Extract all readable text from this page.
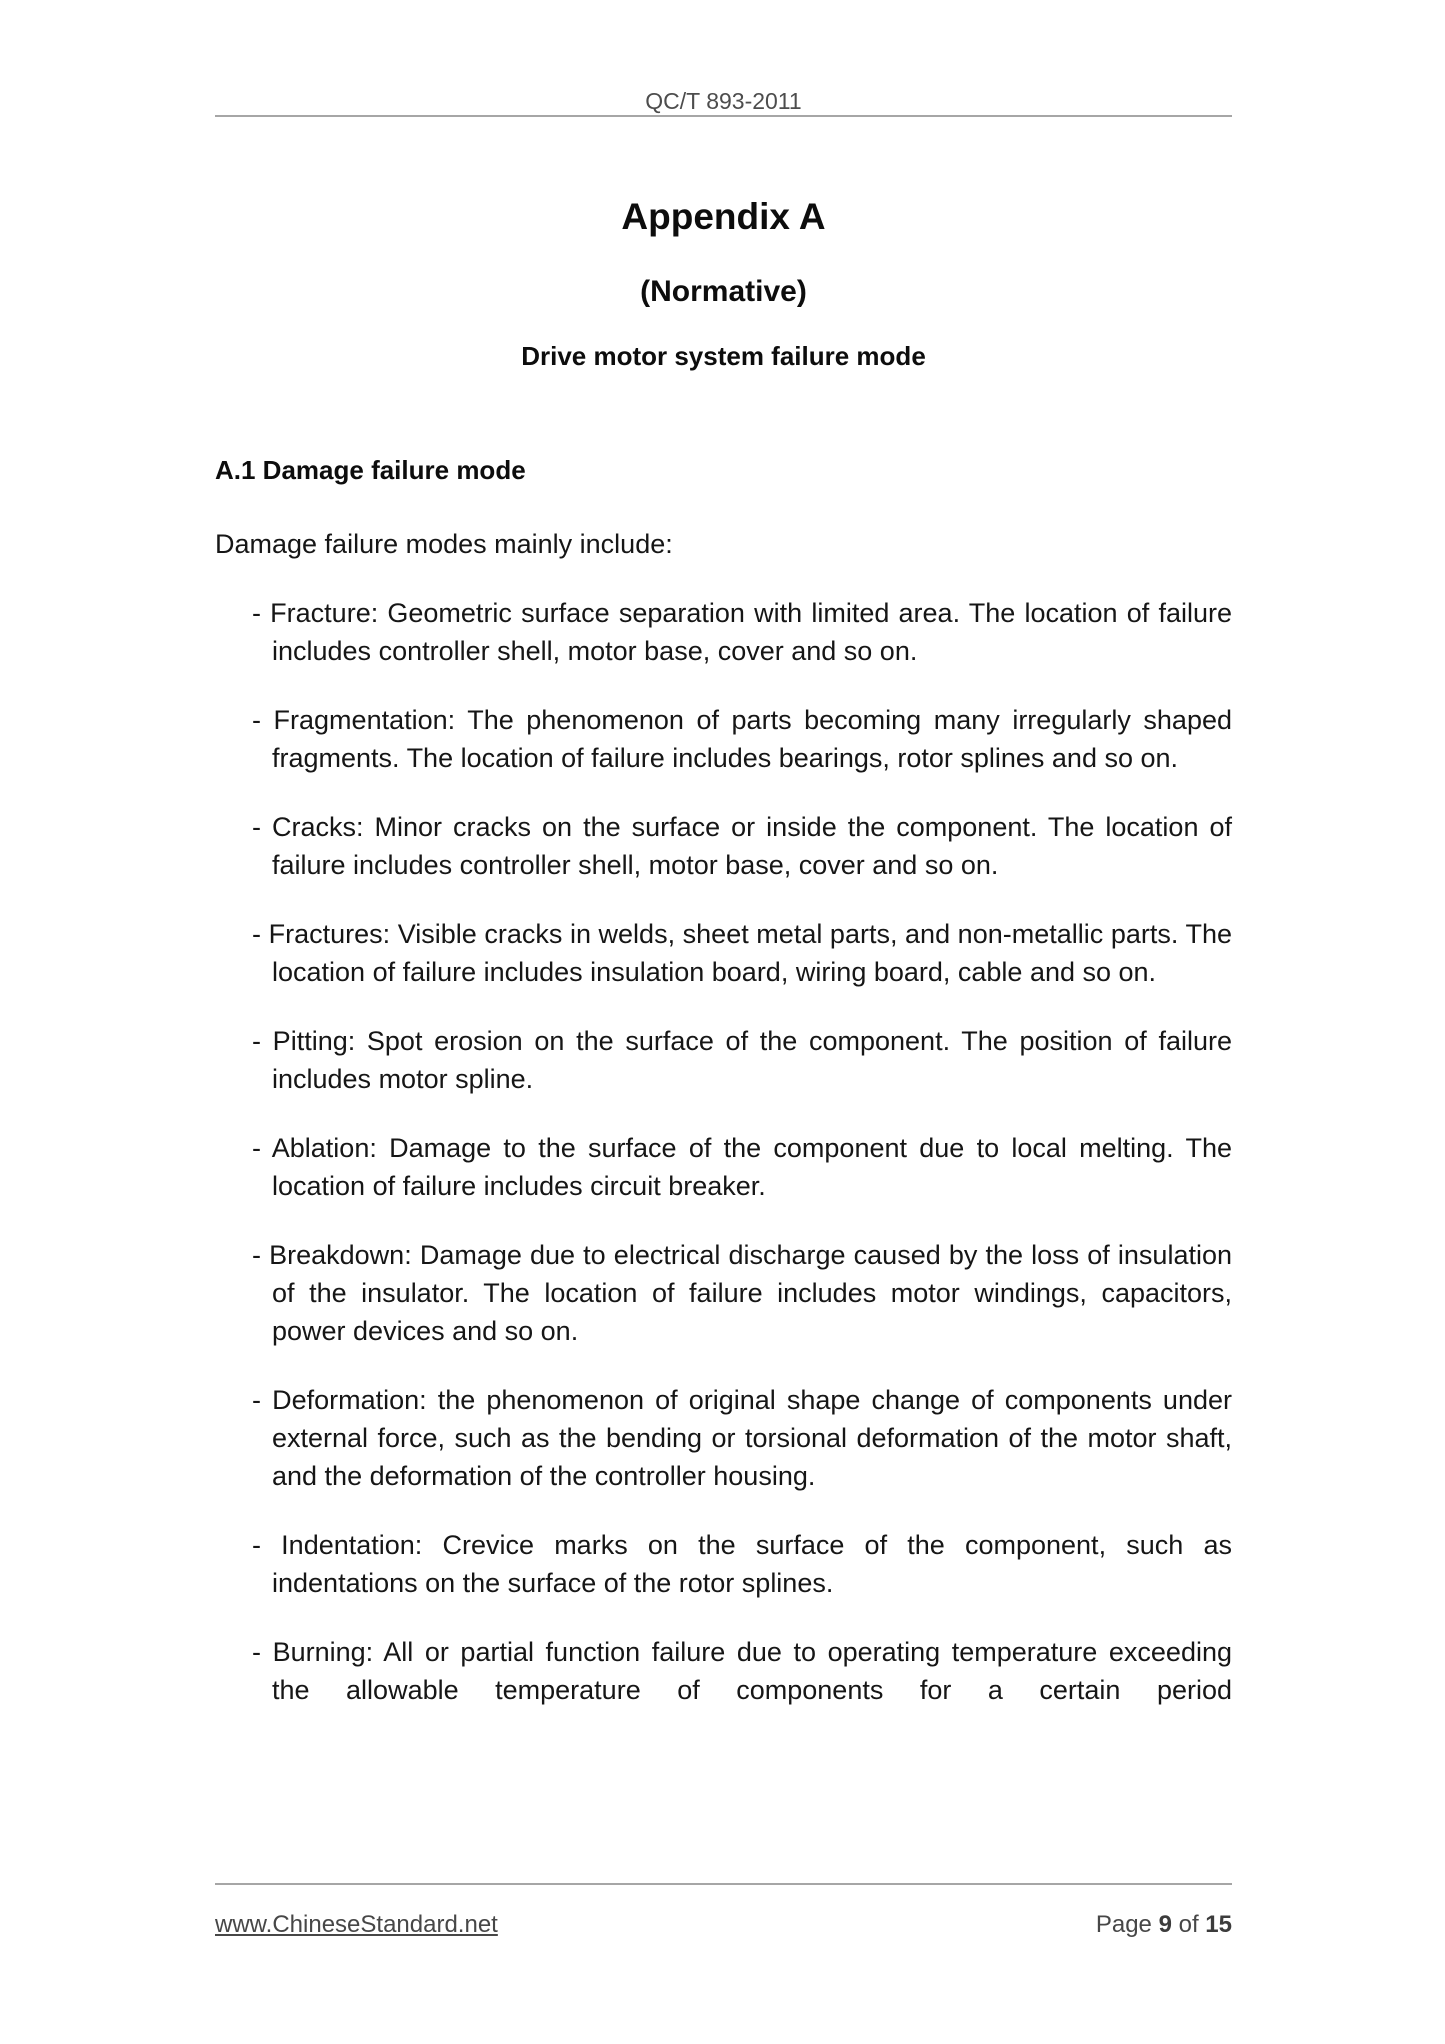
QC/T 893-2011
Appendix A
(Normative)
Drive motor system failure mode
A.1 Damage failure mode

Damage failure modes mainly include:

- Fracture: Geometric surface separation with limited area. The location of failure includes controller shell, motor base, cover and so on.

- Fragmentation: The phenomenon of parts becoming many irregularly shaped fragments. The location of failure includes bearings, rotor splines and so on.

- Cracks: Minor cracks on the surface or inside the component. The location of failure includes controller shell, motor base, cover and so on.

- Fractures: Visible cracks in welds, sheet metal parts, and non-metallic parts. The location of failure includes insulation board, wiring board, cable and so on.

- Pitting: Spot erosion on the surface of the component. The position of failure includes motor spline.

- Ablation: Damage to the surface of the component due to local melting. The location of failure includes circuit breaker.

- Breakdown: Damage due to electrical discharge caused by the loss of insulation of the insulator. The location of failure includes motor windings, capacitors, power devices and so on.

- Deformation: the phenomenon of original shape change of components under external force, such as the bending or torsional deformation of the motor shaft, and the deformation of the controller housing.

- Indentation: Crevice marks on the surface of the component, such as indentations on the surface of the rotor splines.

- Burning: All or partial function failure due to operating temperature exceeding the allowable temperature of components for a certain period

www.ChineseStandard.net	Page 9 of 15
